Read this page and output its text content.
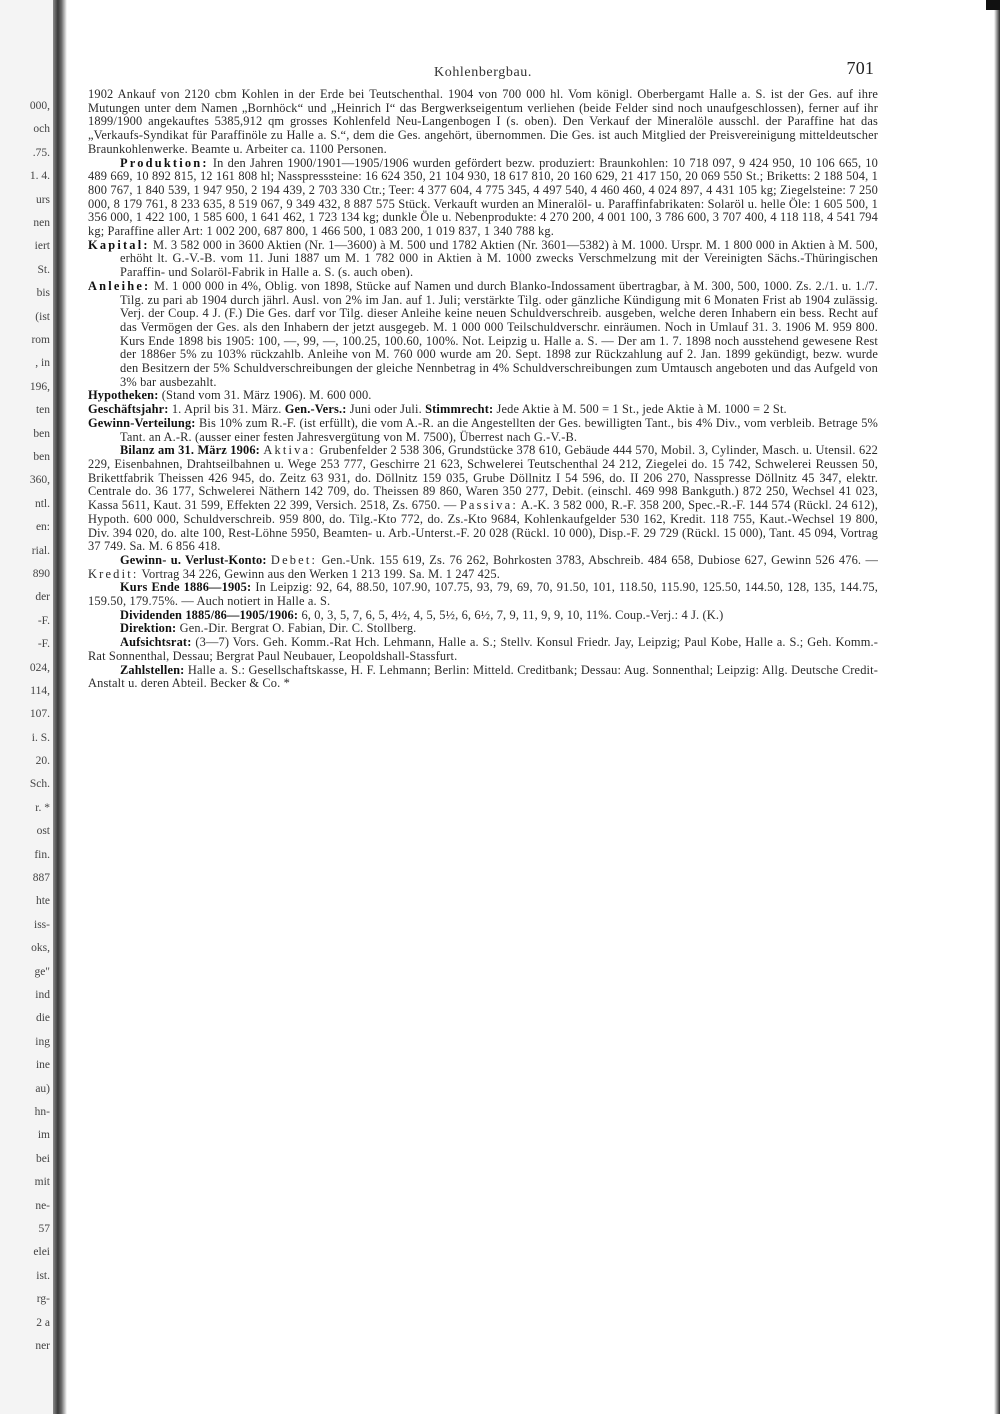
000,
och
.75.
1. 4.
urs
nen
iert
St.
bis
(ist
rom
, in
196,
ten
ben
ben
360,
ntl.
en:
rial.
890
der
-F.
-F.
024,
114,
107.
i. S.
20.
Sch.
r. *
ost
fin.
887
hte
iss-
oks,
ge"
ind
die
ing
ine
au)
hn-
im
bei
mit
ne-
57
elei
ist.
rg-
2 a
ner
Kohlenbergbau.	701

1902 Ankauf von 2120 cbm Kohlen in der Erde bei Teutschenthal. 1904 von 700 000 hl. Vom königl. Oberbergamt Halle a. S. ist der Ges. auf ihre Mutungen unter dem Namen „Bornhöck“ und „Heinrich I“ das Bergwerkseigentum verliehen (beide Felder sind noch unaufgeschlossen), ferner auf ihr 1899/1900 angekauftes 5385,912 qm grosses Kohlenfeld Neu-Langenbogen I (s. oben). Den Verkauf der Mineralöle ausschl. der Paraffine hat das „Verkaufs-Syndikat für Paraffinöle zu Halle a. S.“, dem die Ges. angehört, übernommen. Die Ges. ist auch Mitglied der Preisvereinigung mitteldeutscher Braunkohlenwerke. Beamte u. Arbeiter ca. 1100 Personen.

Produktion: In den Jahren 1900/1901—1905/1906 wurden gefördert bezw. produziert: Braunkohlen: 10 718 097, 9 424 950, 10 106 665, 10 489 669, 10 892 815, 12 161 808 hl; Nasspresssteine: 16 624 350, 21 104 930, 18 617 810, 20 160 629, 21 417 150, 20 069 550 St.; Briketts: 2 188 504, 1 800 767, 1 840 539, 1 947 950, 2 194 439, 2 703 330 Ctr.; Teer: 4 377 604, 4 775 345, 4 497 540, 4 460 460, 4 024 897, 4 431 105 kg; Ziegelsteine: 7 250 000, 8 179 761, 8 233 635, 8 519 067, 9 349 432, 8 887 575 Stück. Verkauft wurden an Mineralöl- u. Paraffinfabrikaten: Solaröl u. helle Öle: 1 605 500, 1 356 000, 1 422 100, 1 585 600, 1 641 462, 1 723 134 kg; dunkle Öle u. Nebenprodukte: 4 270 200, 4 001 100, 3 786 600, 3 707 400, 4 118 118, 4 541 794 kg; Paraffine aller Art: 1 002 200, 687 800, 1 466 500, 1 083 200, 1 019 837, 1 340 788 kg.

Kapital: M. 3 582 000 in 3600 Aktien (Nr. 1—3600) à M. 500 und 1782 Aktien (Nr. 3601—5382) à M. 1000. Urspr. M. 1 800 000 in Aktien à M. 500, erhöht lt. G.-V.-B. vom 11. Juni 1887 um M. 1 782 000 in Aktien à M. 1000 zwecks Verschmelzung mit der Vereinigten Sächs.-Thüringischen Paraffin- und Solaröl-Fabrik in Halle a. S. (s. auch oben).

Anleihe: M. 1 000 000 in 4%, Oblig. von 1898, Stücke auf Namen und durch Blanko-Indossament übertragbar, à M. 300, 500, 1000. Zs. 2./1. u. 1./7. Tilg. zu pari ab 1904 durch jährl. Ausl. von 2% im Jan. auf 1. Juli; verstärkte Tilg. oder gänzliche Kündigung mit 6 Monaten Frist ab 1904 zulässig. Verj. der Coup. 4 J. (F.) Die Ges. darf vor Tilg. dieser Anleihe keine neuen Schuldverschreib. ausgeben, welche deren Inhabern ein bess. Recht auf das Vermögen der Ges. als den Inhabern der jetzt ausgegeb. M. 1 000 000 Teilschuldverschr. einräumen. Noch in Umlauf 31. 3. 1906 M. 959 800. Kurs Ende 1898 bis 1905: 100, —, 99, —, 100.25, 100.60, 100%. Not. Leipzig u. Halle a. S. — Der am 1. 7. 1898 noch ausstehend gewesene Rest der 1886er 5% zu 103% rückzahlb. Anleihe von M. 760 000 wurde am 20. Sept. 1898 zur Rückzahlung auf 2. Jan. 1899 gekündigt, bezw. wurde den Besitzern der 5% Schuldverschreibungen der gleiche Nennbetrag in 4% Schuldverschreibungen zum Umtausch angeboten und das Aufgeld von 3% bar ausbezahlt.

Hypotheken: (Stand vom 31. März 1906). M. 600 000.

Geschäftsjahr: 1. April bis 31. März. Gen.-Vers.: Juni oder Juli. Stimmrecht: Jede Aktie à M. 500 = 1 St., jede Aktie à M. 1000 = 2 St.

Gewinn-Verteilung: Bis 10% zum R.-F. (ist erfüllt), die vom A.-R. an die Angestellten der Ges. bewilligten Tant., bis 4% Div., vom verbleib. Betrage 5% Tant. an A.-R. (ausser einer festen Jahresvergütung von M. 7500), Überrest nach G.-V.-B.

Bilanz am 31. März 1906: Aktiva: Grubenfelder 2 538 306, Grundstücke 378 610, Gebäude 444 570, Mobil. 3, Cylinder, Masch. u. Utensil. 622 229, Eisenbahnen, Drahtseilbahnen u. Wege 253 777, Geschirre 21 623, Schwelerei Teutschenthal 24 212, Ziegelei do. 15 742, Schwelerei Reussen 50, Brikettfabrik Theissen 426 945, do. Zeitz 63 931, do. Döllnitz 159 035, Grube Döllnitz I 54 596, do. II 206 270, Nasspresse Döllnitz 45 347, elektr. Centrale do. 36 177, Schwelerei Näthern 142 709, do. Theissen 89 860, Waren 350 277, Debit. (einschl. 469 998 Bankguth.) 872 250, Wechsel 41 023, Kassa 5611, Kaut. 31 599, Effekten 22 399, Versich. 2518, Zs. 6750. — Passiva: A.-K. 3 582 000, R.-F. 358 200, Spec.-R.-F. 144 574 (Rückl. 24 612), Hypoth. 600 000, Schuldverschreib. 959 800, do. Tilg.-Kto 772, do. Zs.-Kto 9684, Kohlenkaufgelder 530 162, Kredit. 118 755, Kaut.-Wechsel 19 800, Div. 394 020, do. alte 100, Rest-Löhne 5950, Beamten- u. Arb.-Unterst.-F. 20 028 (Rückl. 10 000), Disp.-F. 29 729 (Rückl. 15 000), Tant. 45 094, Vortrag 37 749. Sa. M. 6 856 418.

Gewinn- u. Verlust-Konto: Debet: Gen.-Unk. 155 619, Zs. 76 262, Bohrkosten 3783, Abschreib. 484 658, Dubiose 627, Gewinn 526 476. — Kredit: Vortrag 34 226, Gewinn aus den Werken 1 213 199. Sa. M. 1 247 425.

Kurs Ende 1886—1905: In Leipzig: 92, 64, 88.50, 107.90, 107.75, 93, 79, 69, 70, 91.50, 101, 118.50, 115.90, 125.50, 144.50, 128, 135, 144.75, 159.50, 179.75%. — Auch notiert in Halle a. S.

Dividenden 1885/86—1905/1906: 6, 0, 3, 5, 7, 6, 5, 4½, 4, 5, 5½, 6, 6½, 7, 9, 11, 9, 9, 10, 11%. Coup.-Verj.: 4 J. (K.)

Direktion: Gen.-Dir. Bergrat O. Fabian, Dir. C. Stollberg.

Aufsichtsrat: (3—7) Vors. Geh. Komm.-Rat Hch. Lehmann, Halle a. S.; Stellv. Konsul Friedr. Jay, Leipzig; Paul Kobe, Halle a. S.; Geh. Komm.-Rat Sonnenthal, Dessau; Bergrat Paul Neubauer, Leopoldshall-Stassfurt.

Zahlstellen: Halle a. S.: Gesellschaftskasse, H. F. Lehmann; Berlin: Mitteld. Creditbank; Dessau: Aug. Sonnenthal; Leipzig: Allg. Deutsche Credit-Anstalt u. deren Abteil. Becker & Co. *
